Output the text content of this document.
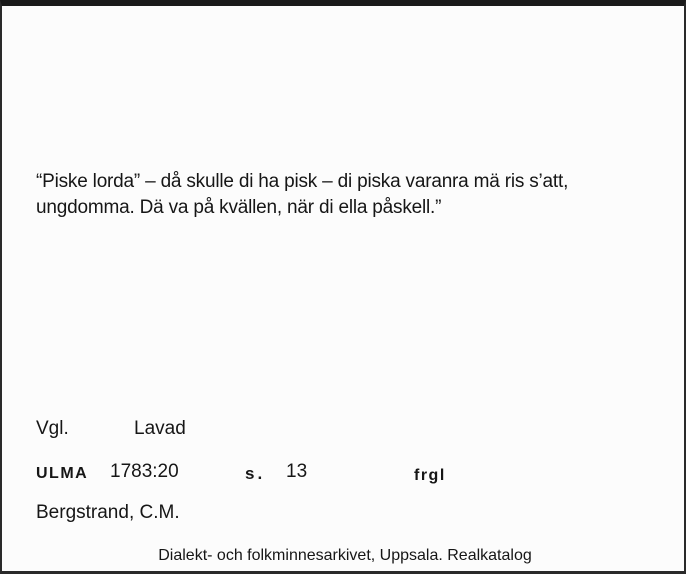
“Piske lorda” – då skulle di ha pisk – di piska varanra mä ris s’att,
ungdomma. Dä va på kvällen, när di ella påskell.”

Vgl.	Lavad
ULMA 1783:20	s. 13	frgl
Bergstrand, C.M.
Dialekt- och folkminnesarkivet, Uppsala. Realkatalog
